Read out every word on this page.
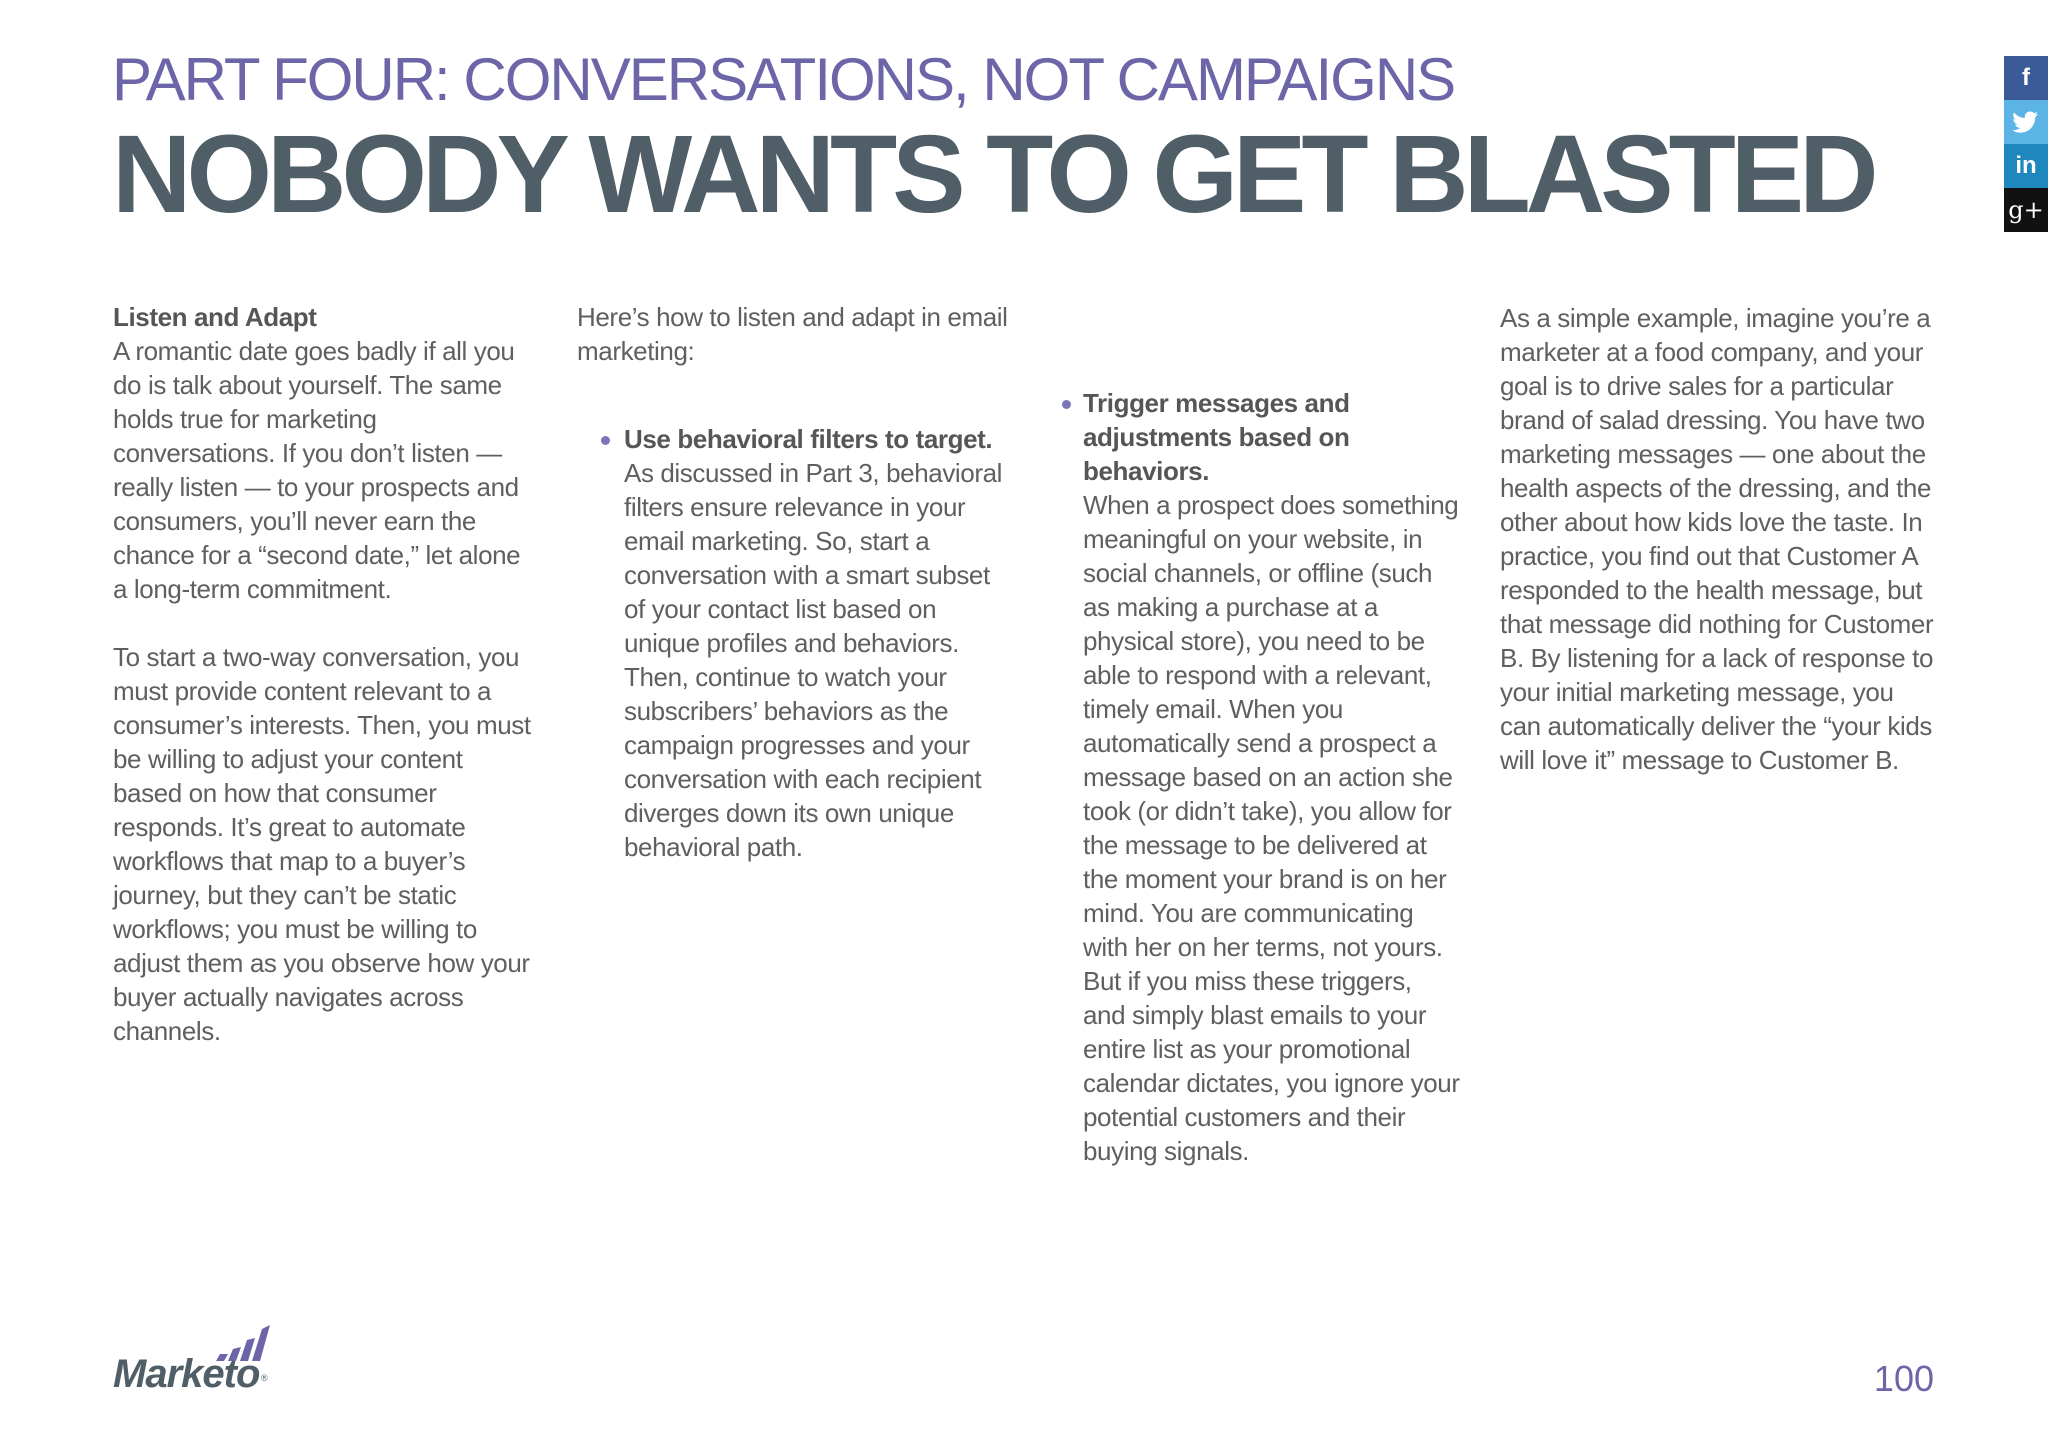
PART FOUR: CONVERSATIONS, NOT CAMPAIGNS
NOBODY WANTS TO GET BLASTED
f
in
g+

Listen and Adapt
A romantic date goes badly if all you do is talk about yourself. The same holds true for marketing conversations. If you don’t listen — really listen — to your prospects and consumers, you’ll never earn the chance for a “second date,” let alone a long-term commitment.

To start a two-way conversation, you must provide content relevant to a consumer’s interests. Then, you must be willing to adjust your content based on how that consumer responds. It’s great to automate workflows that map to a buyer’s journey, but they can’t be static workflows; you must be willing to adjust them as you observe how your buyer actually navigates across channels.

Here’s how to listen and adapt in email marketing:

Use behavioral filters to target.
As discussed in Part 3, behavioral filters ensure relevance in your email marketing. So, start a conversation with a smart subset of your contact list based on unique profiles and behaviors. Then, continue to watch your subscribers’ behaviors as the campaign progresses and your conversation with each recipient diverges down its own unique behavioral path.
Trigger messages and adjustments based on behaviors.
When a prospect does something meaningful on your website, in social channels, or offline (such as making a purchase at a physical store), you need to be able to respond with a relevant, timely email. When you automatically send a prospect a message based on an action she took (or didn’t take), you allow for the message to be delivered at the moment your brand is on her mind. You are communicating with her on her terms, not yours. But if you miss these triggers, and simply blast emails to your entire list as your promotional calendar dictates, you ignore your potential customers and their buying signals.

As a simple example, imagine you’re a marketer at a food company, and your goal is to drive sales for a particular brand of salad dressing. You have two marketing messages — one about the health aspects of the dressing, and the other about how kids love the taste. In practice, you find out that Customer A responded to the health message, but that message did nothing for Customer B. By listening for a lack of response to your initial marketing message, you can automatically deliver the “your kids will love it” message to Customer B.

Marketo ®	100
